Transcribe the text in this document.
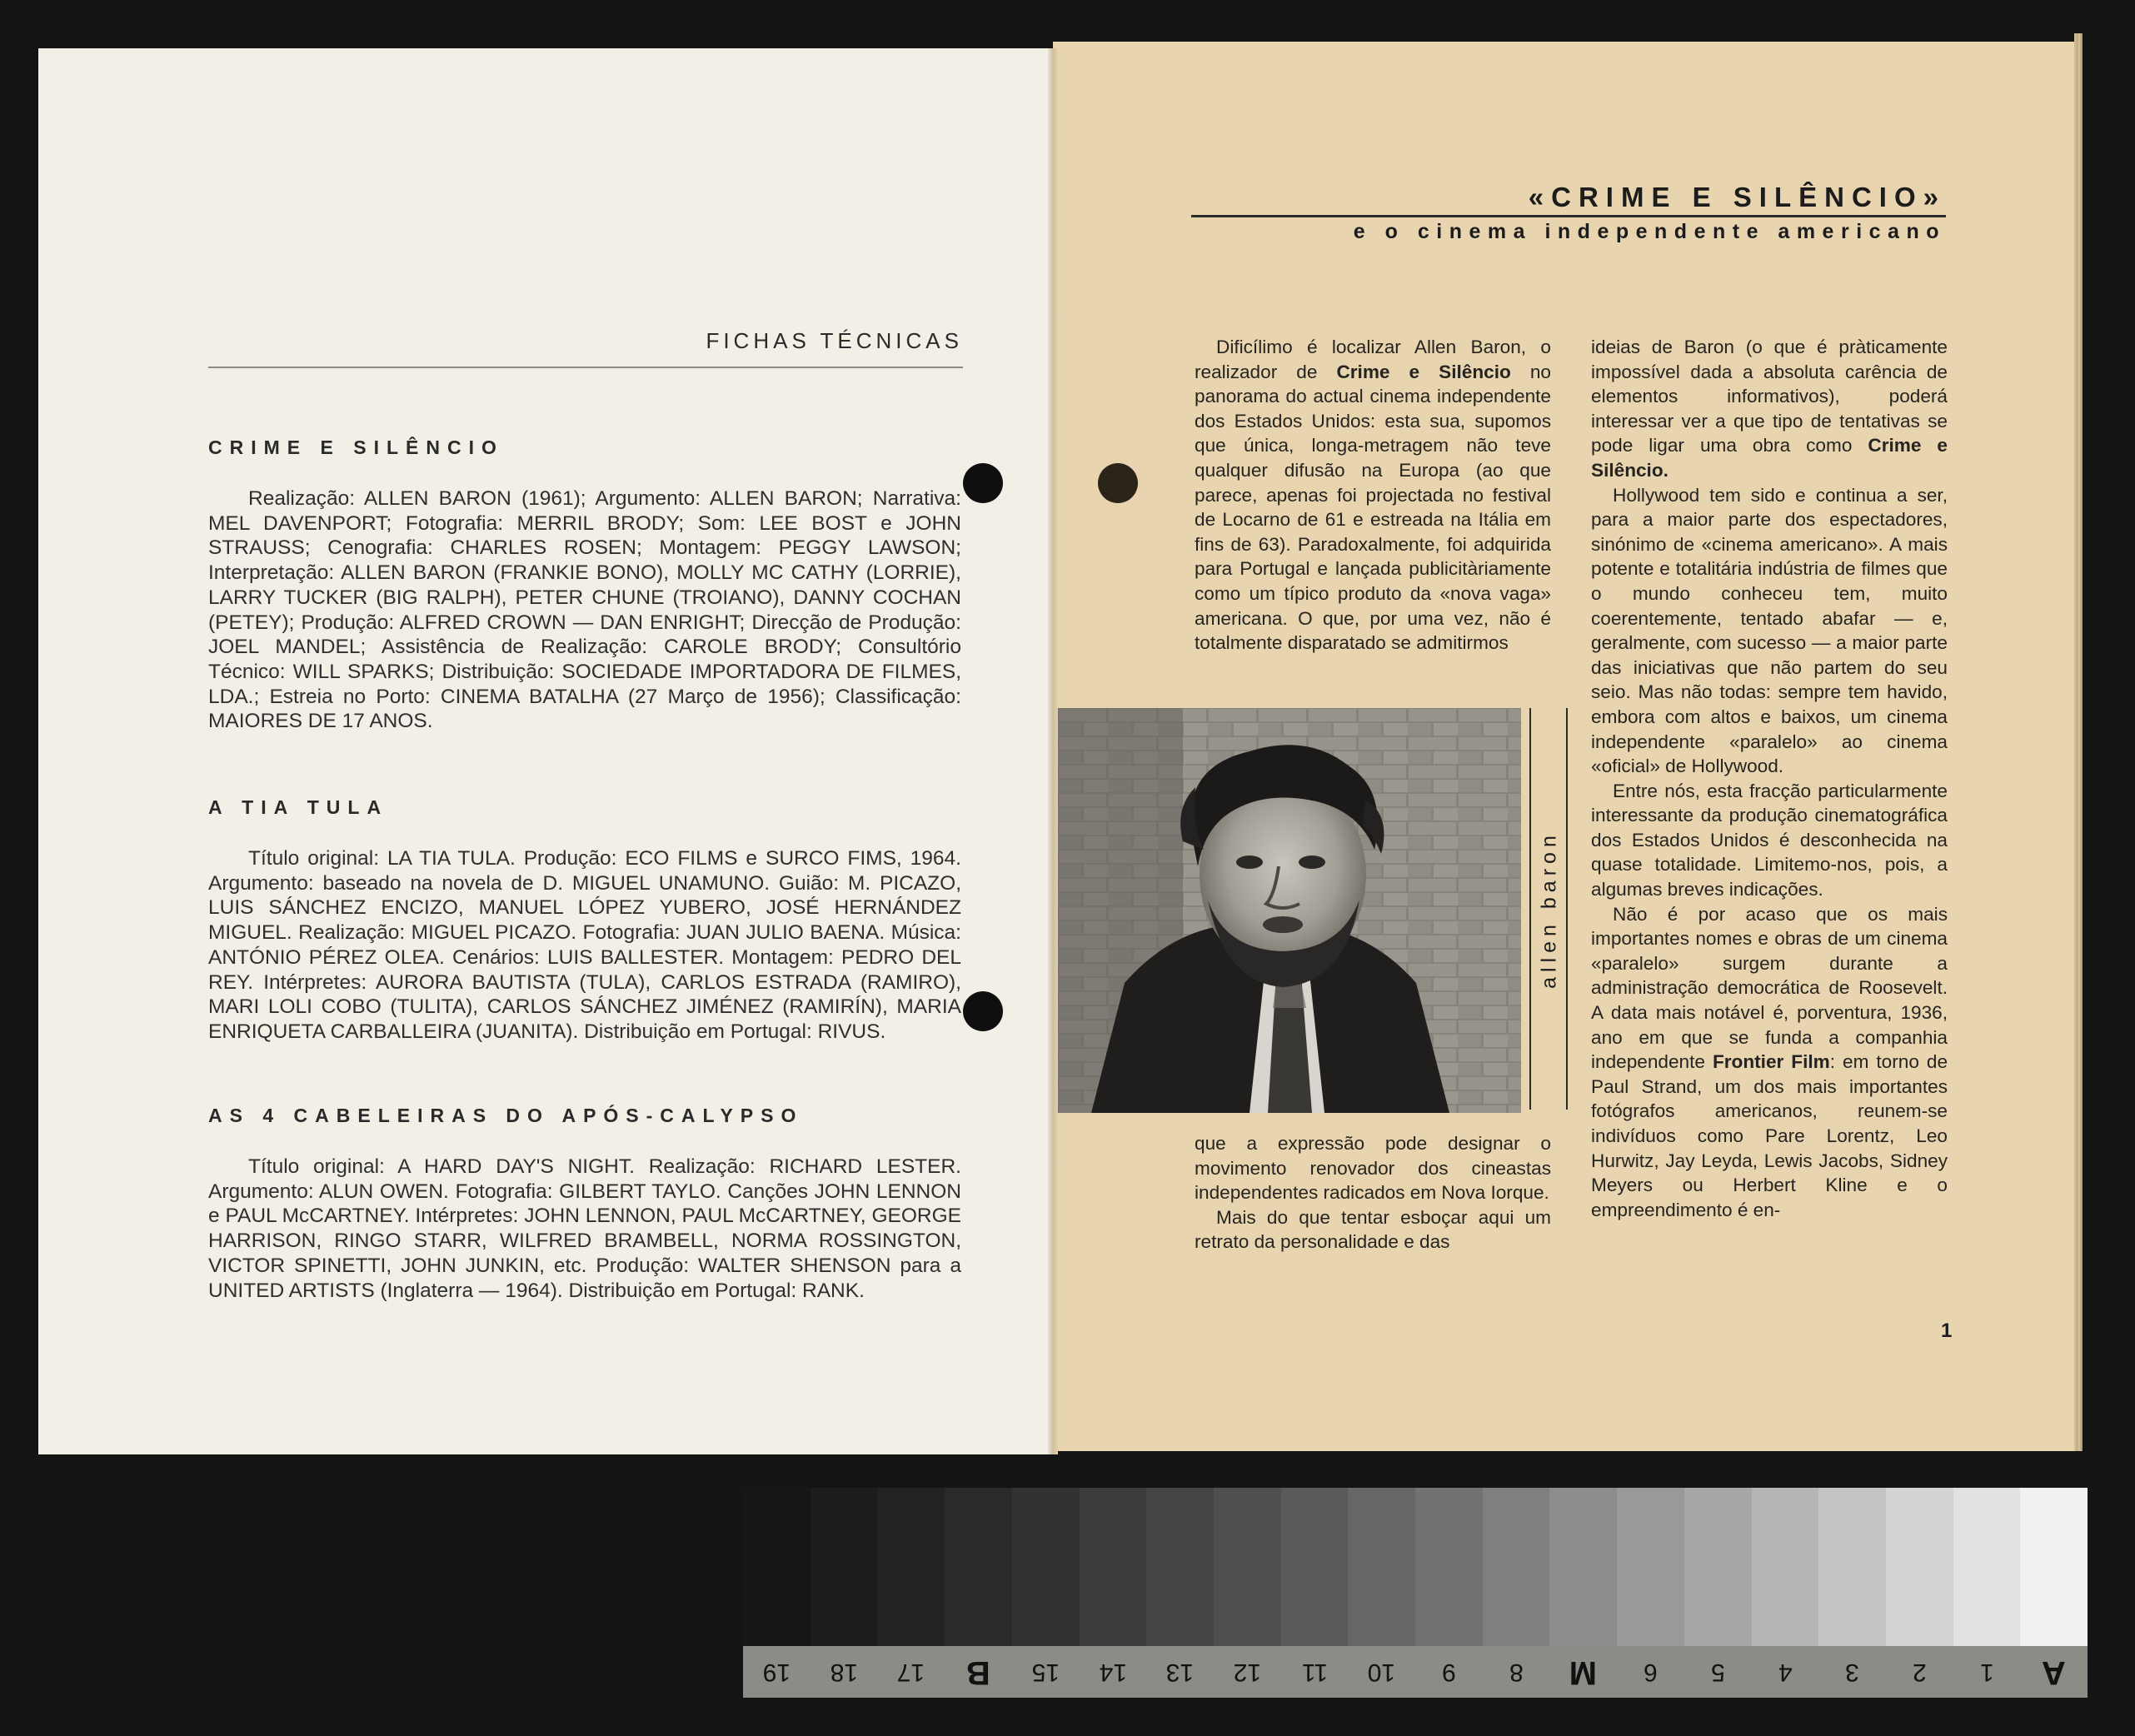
FICHAS TÉCNICAS
CRIME E SILÊNCIO

Realização: ALLEN BARON (1961); Argumento: ALLEN BARON; Narrativa: MEL DAVENPORT; Fotografia: MERRIL BRODY; Som: LEE BOST e JOHN STRAUSS; Cenografia: CHARLES ROSEN; Montagem: PEGGY LAWSON; Interpretação: ALLEN BARON (FRANKIE BONO), MOLLY MC CATHY (LORRIE), LARRY TUCKER (BIG RALPH), PETER CHUNE (TROIANO), DANNY COCHAN (PETEY); Produção: ALFRED CROWN — DAN ENRIGHT; Direcção de Produção: JOEL MANDEL; Assistência de Realização: CAROLE BRODY; Consultório Técnico: WILL SPARKS; Distribuição: SOCIEDADE IMPORTADORA DE FILMES, LDA.; Estreia no Porto: CINEMA BATALHA (27 Março de 1956); Classificação: MAIORES DE 17 ANOS.

A TIA TULA

Título original: LA TIA TULA. Produção: ECO FILMS e SURCO FIMS, 1964. Argumento: baseado na novela de D. MIGUEL UNAMUNO. Guião: M. PICAZO, LUIS SÁNCHEZ ENCIZO, MANUEL LÓPEZ YUBERO, JOSÉ HERNÁNDEZ MIGUEL. Realização: MIGUEL PICAZO. Fotografia: JUAN JULIO BAENA. Música: ANTÓNIO PÉREZ OLEA. Cenários: LUIS BALLESTER. Montagem: PEDRO DEL REY. Intérpretes: AURORA BAUTISTA (TULA), CARLOS ESTRADA (RAMIRO), MARI LOLI COBO (TULITA), CARLOS SÁNCHEZ JIMÉNEZ (RAMIRÍN), MARIA ENRIQUETA CARBALLEIRA (JUANITA). Distribuição em Portugal: RIVUS.

AS 4 CABELEIRAS DO APÓS-CALYPSO

Título original: A HARD DAY'S NIGHT. Realização: RICHARD LESTER. Argumento: ALUN OWEN. Fotografia: GILBERT TAYLO. Canções JOHN LENNON e PAUL McCARTNEY. Intérpretes: JOHN LENNON, PAUL McCARTNEY, GEORGE HARRISON, RINGO STARR, WILFRED BRAMBELL, NORMA ROSSINGTON, VICTOR SPINETTI, JOHN JUNKIN, etc. Produção: WALTER SHENSON para a UNITED ARTISTS (Inglaterra — 1964). Distribuição em Portugal: RANK.

«CRIME E SILÊNCIO»
e o cinema independente americano

Dificílimo é localizar Allen Baron, o realizador de Crime e Silêncio no panorama do actual cinema independente dos Estados Unidos: esta sua, supomos que única, longa-metragem não teve qualquer difusão na Europa (ao que parece, apenas foi projectada no festival de Locarno de 61 e estreada na Itália em fins de 63). Paradoxalmente, foi adquirida para Portugal e lançada publicitàriamente como um típico produto da «nova vaga» americana. O que, por uma vez, não é totalmente disparatado se admitirmos

allen baron

que a expressão pode designar o movimento renovador dos cineastas independentes radicados em Nova Iorque.

Mais do que tentar esboçar aqui um retrato da personalidade e das

ideias de Baron (o que é pràticamente impossível dada a absoluta carência de elementos informativos), poderá interessar ver a que tipo de tentativas se pode ligar uma obra como Crime e Silêncio.

Hollywood tem sido e continua a ser, para a maior parte dos espectadores, sinónimo de «cinema americano». A mais potente e totalitária indústria de filmes que o mundo conheceu tem, muito coerentemente, tentado abafar — e, geralmente, com sucesso — a maior parte das iniciativas que não partem do seu seio. Mas não todas: sempre tem havido, embora com altos e baixos, um cinema independente «paralelo» ao cinema «oficial» de Hollywood.

Entre nós, esta fracção particularmente interessante da produção cinematográfica dos Estados Unidos é desconhecida na quase totalidade. Limitemo-nos, pois, a algumas breves indicações.

Não é por acaso que os mais importantes nomes e obras de um cinema «paralelo» surgem durante a administração democrática de Roosevelt. A data mais notável é, porventura, 1936, ano em que se funda a companhia independente Frontier Film: em torno de Paul Strand, um dos mais importantes fotógrafos americanos, reunem-se indivíduos como Pare Lorentz, Leo Hurwitz, Jay Leyda, Lewis Jacobs, Sidney Meyers ou Herbert Kline e o empreendimento é en-

1
19	18	17	B	15	14	13	12	11	10	9	8	M	6	5	4	3	2	1	A
